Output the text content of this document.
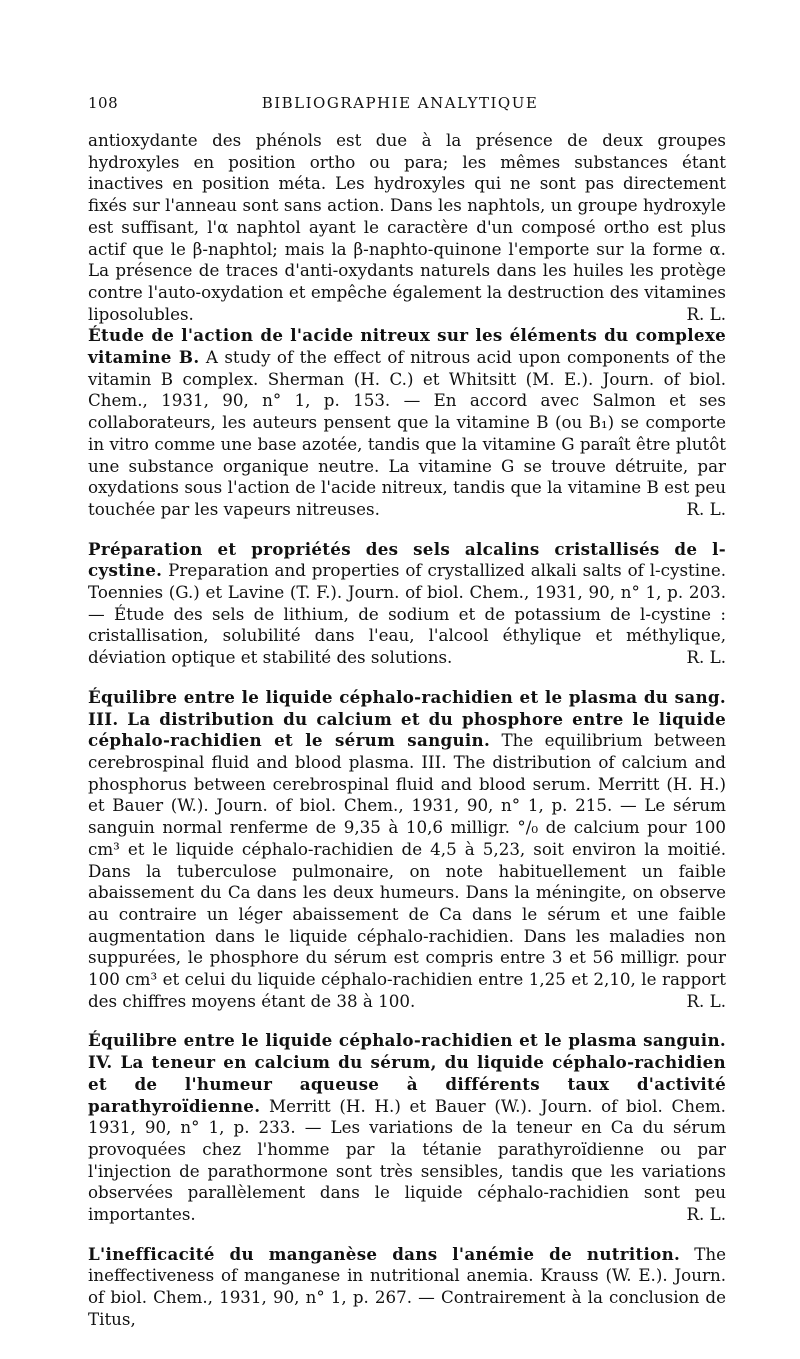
108	BIBLIOGRAPHIE ANALYTIQUE

antioxydante des phénols est due à la présence de deux groupes hydroxyles en position ortho ou para; les mêmes substances étant inactives en position méta. Les hydroxyles qui ne sont pas directement fixés sur l'anneau sont sans action. Dans les naphtols, un groupe hydroxyle est suffisant, l'α naphtol ayant le caractère d'un composé ortho est plus actif que le β-naphtol; mais la β-naphto-quinone l'emporte sur la forme α. La présence de traces d'anti-oxydants naturels dans les huiles les protège contre l'auto-oxydation et empêche également la destruction des vitamines liposolubles.	R. L.

Étude de l'action de l'acide nitreux sur les éléments du complexe vitamine B. A study of the effect of nitrous acid upon components of the vitamin B complex. Sherman (H. C.) et Whitsitt (M. E.). Journ. of biol. Chem., 1931, 90, n° 1, p. 153. — En accord avec Salmon et ses collaborateurs, les auteurs pensent que la vitamine B (ou B₁) se comporte in vitro comme une base azotée, tandis que la vitamine G paraît être plutôt une substance organique neutre. La vitamine G se trouve détruite, par oxydations sous l'action de l'acide nitreux, tandis que la vitamine B est peu touchée par les vapeurs nitreuses.	R. L.

Préparation et propriétés des sels alcalins cristallisés de l-cystine. Preparation and properties of crystallized alkali salts of l-cystine. Toennies (G.) et Lavine (T. F.). Journ. of biol. Chem., 1931, 90, n° 1, p. 203. — Étude des sels de lithium, de sodium et de potassium de l-cystine : cristallisation, solubilité dans l'eau, l'alcool éthylique et méthylique, déviation optique et stabilité des solutions.	R. L.

Équilibre entre le liquide céphalo-rachidien et le plasma du sang. III. La distribution du calcium et du phosphore entre le liquide céphalo-rachidien et le sérum sanguin. The equilibrium between cerebrospinal fluid and blood plasma. III. The distribution of calcium and phosphorus between cerebrospinal fluid and blood serum. Merritt (H. H.) et Bauer (W.). Journ. of biol. Chem., 1931, 90, n° 1, p. 215. — Le sérum sanguin normal renferme de 9,35 à 10,6 milligr. °/₀ de calcium pour 100 cm³ et le liquide céphalo-rachidien de 4,5 à 5,23, soit environ la moitié. Dans la tuberculose pulmonaire, on note habituellement un faible abaissement du Ca dans les deux humeurs. Dans la méningite, on observe au contraire un léger abaissement de Ca dans le sérum et une faible augmentation dans le liquide céphalo-rachidien. Dans les maladies non suppurées, le phosphore du sérum est compris entre 3 et 56 milligr. pour 100 cm³ et celui du liquide céphalo-rachidien entre 1,25 et 2,10, le rapport des chiffres moyens étant de 38 à 100.	R. L.

Équilibre entre le liquide céphalo-rachidien et le plasma sanguin. IV. La teneur en calcium du sérum, du liquide céphalo-rachidien et de l'humeur aqueuse à différents taux d'activité parathyroïdienne. Merritt (H. H.) et Bauer (W.). Journ. of biol. Chem. 1931, 90, n° 1, p. 233. — Les variations de la teneur en Ca du sérum provoquées chez l'homme par la tétanie parathyroïdienne ou par l'injection de parathormone sont très sensibles, tandis que les variations observées parallèlement dans le liquide céphalo-rachidien sont peu importantes.	R. L.

L'inefficacité du manganèse dans l'anémie de nutrition. The ineffectiveness of manganese in nutritional anemia. Krauss (W. E.). Journ. of biol. Chem., 1931, 90, n° 1, p. 267. — Contrairement à la conclusion de Titus,
